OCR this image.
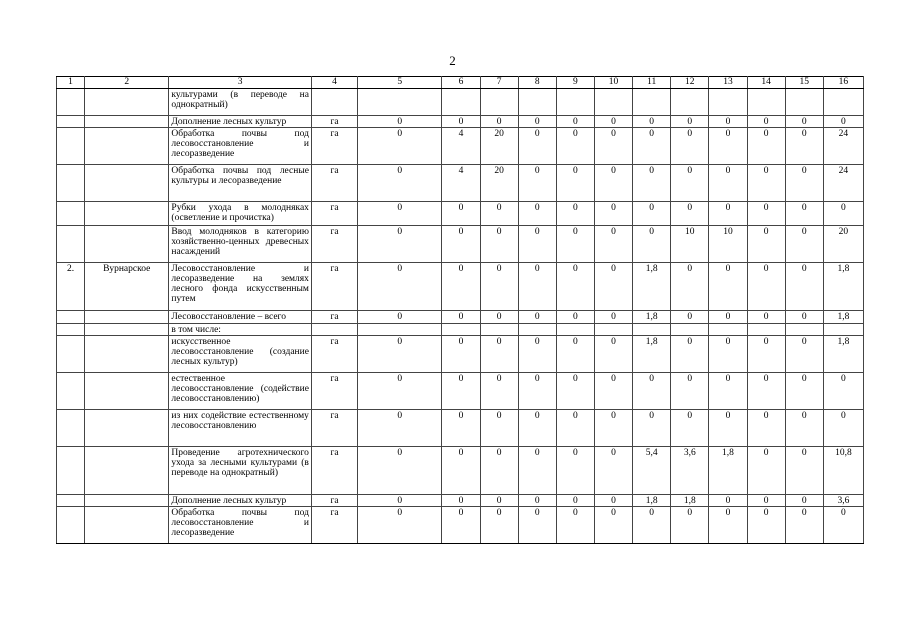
2
1	2	3	4	5	6	7	8	9	10	11	12	13	14	15	16
		культурами (в переводе на однократный)													
		Дополнение лесных культур	га	0	0	0	0	0	0	0	0	0	0	0	0
		Обработка почвы под лесовосстановление и лесоразведение	га	0	4	20	0	0	0	0	0	0	0	0	24
		Обработка почвы под лесные культуры и лесоразведение	га	0	4	20	0	0	0	0	0	0	0	0	24
		Рубки ухода в молодняках (осветление и прочистка)	га	0	0	0	0	0	0	0	0	0	0	0	0
		Ввод молодняков в категорию хозяйственно-ценных древесных насаждений	га	0	0	0	0	0	0	0	10	10	0	0	20
2.	Вурнарское	Лесовосстановление и лесоразведение на землях лесного фонда искусственным путем	га	0	0	0	0	0	0	1,8	0	0	0	0	1,8
		Лесовосстановление – всего	га	0	0	0	0	0	0	1,8	0	0	0	0	1,8
		в том числе:													
		искусственное лесовосстановление (создание лесных культур)	га	0	0	0	0	0	0	1,8	0	0	0	0	1,8
		естественное лесовосстановление (содействие лесовосстановлению)	га	0	0	0	0	0	0	0	0	0	0	0	0
		из них содействие естественному лесовосстановлению	га	0	0	0	0	0	0	0	0	0	0	0	0
		Проведение агротехнического ухода за лесными культурами (в переводе на однократный)	га	0	0	0	0	0	0	5,4	3,6	1,8	0	0	10,8
		Дополнение лесных культур	га	0	0	0	0	0	0	1,8	1,8	0	0	0	3,6
		Обработка почвы под лесовосстановление и лесоразведение	га	0	0	0	0	0	0	0	0	0	0	0	0
